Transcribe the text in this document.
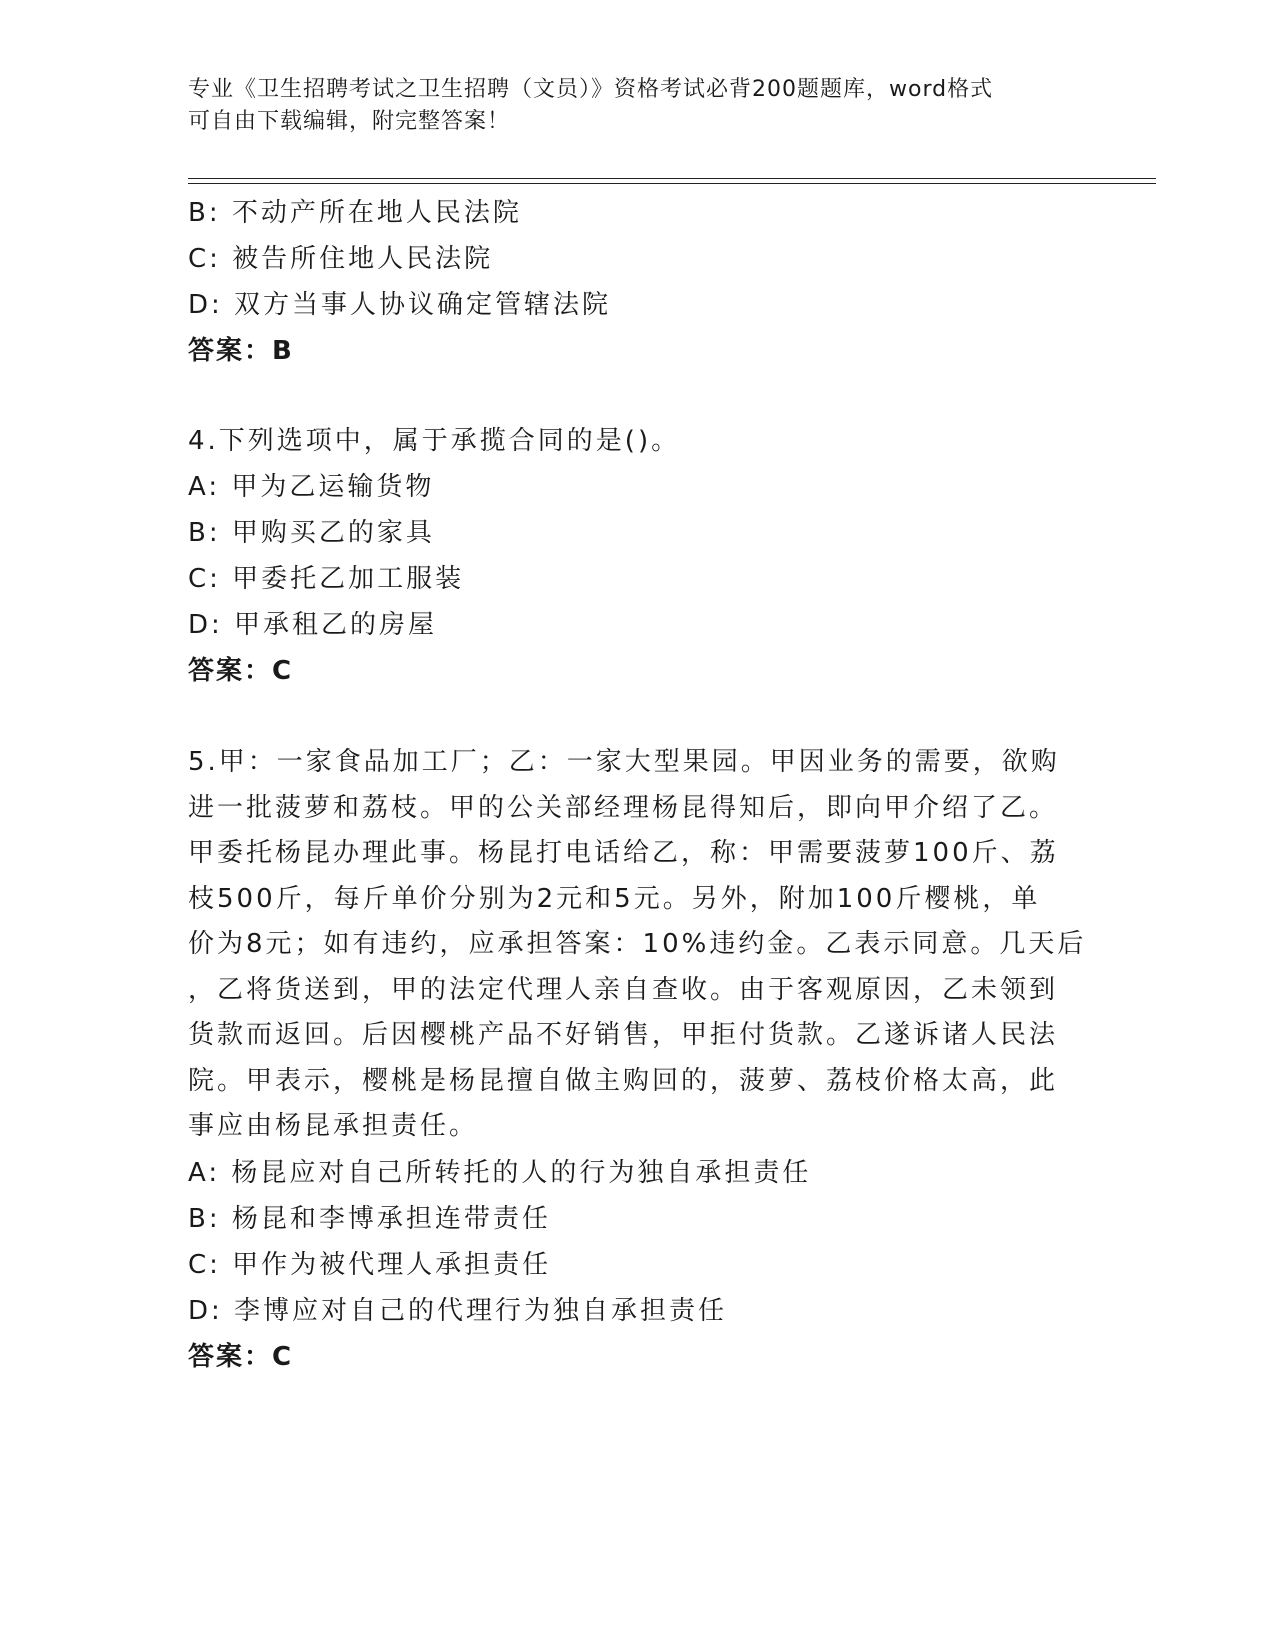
专业《卫生招聘考试之卫生招聘（文员）》资格考试必背200题题库，word格式
可自由下载编辑，附完整答案！
B: 不动产所在地人民法院
C: 被告所住地人民法院
D: 双方当事人协议确定管辖法院
答案：B
4.下列选项中，属于承揽合同的是()。
A: 甲为乙运输货物
B: 甲购买乙的家具
C: 甲委托乙加工服装
D: 甲承租乙的房屋
答案：C
5.甲：一家食品加工厂；乙：一家大型果园。甲因业务的需要，欲购
进一批菠萝和荔枝。甲的公关部经理杨昆得知后，即向甲介绍了乙。
甲委托杨昆办理此事。杨昆打电话给乙，称：甲需要菠萝100斤、荔
枝500斤，每斤单价分别为2元和5元。另外，附加100斤樱桃，单
价为8元；如有违约，应承担答案：10%违约金。乙表示同意。几天后
，乙将货送到，甲的法定代理人亲自查收。由于客观原因，乙未领到
货款而返回。后因樱桃产品不好销售，甲拒付货款。乙遂诉诸人民法
院。甲表示，樱桃是杨昆擅自做主购回的，菠萝、荔枝价格太高，此
事应由杨昆承担责任。
A: 杨昆应对自己所转托的人的行为独自承担责任
B: 杨昆和李博承担连带责任
C: 甲作为被代理人承担责任
D: 李博应对自己的代理行为独自承担责任
答案：C
